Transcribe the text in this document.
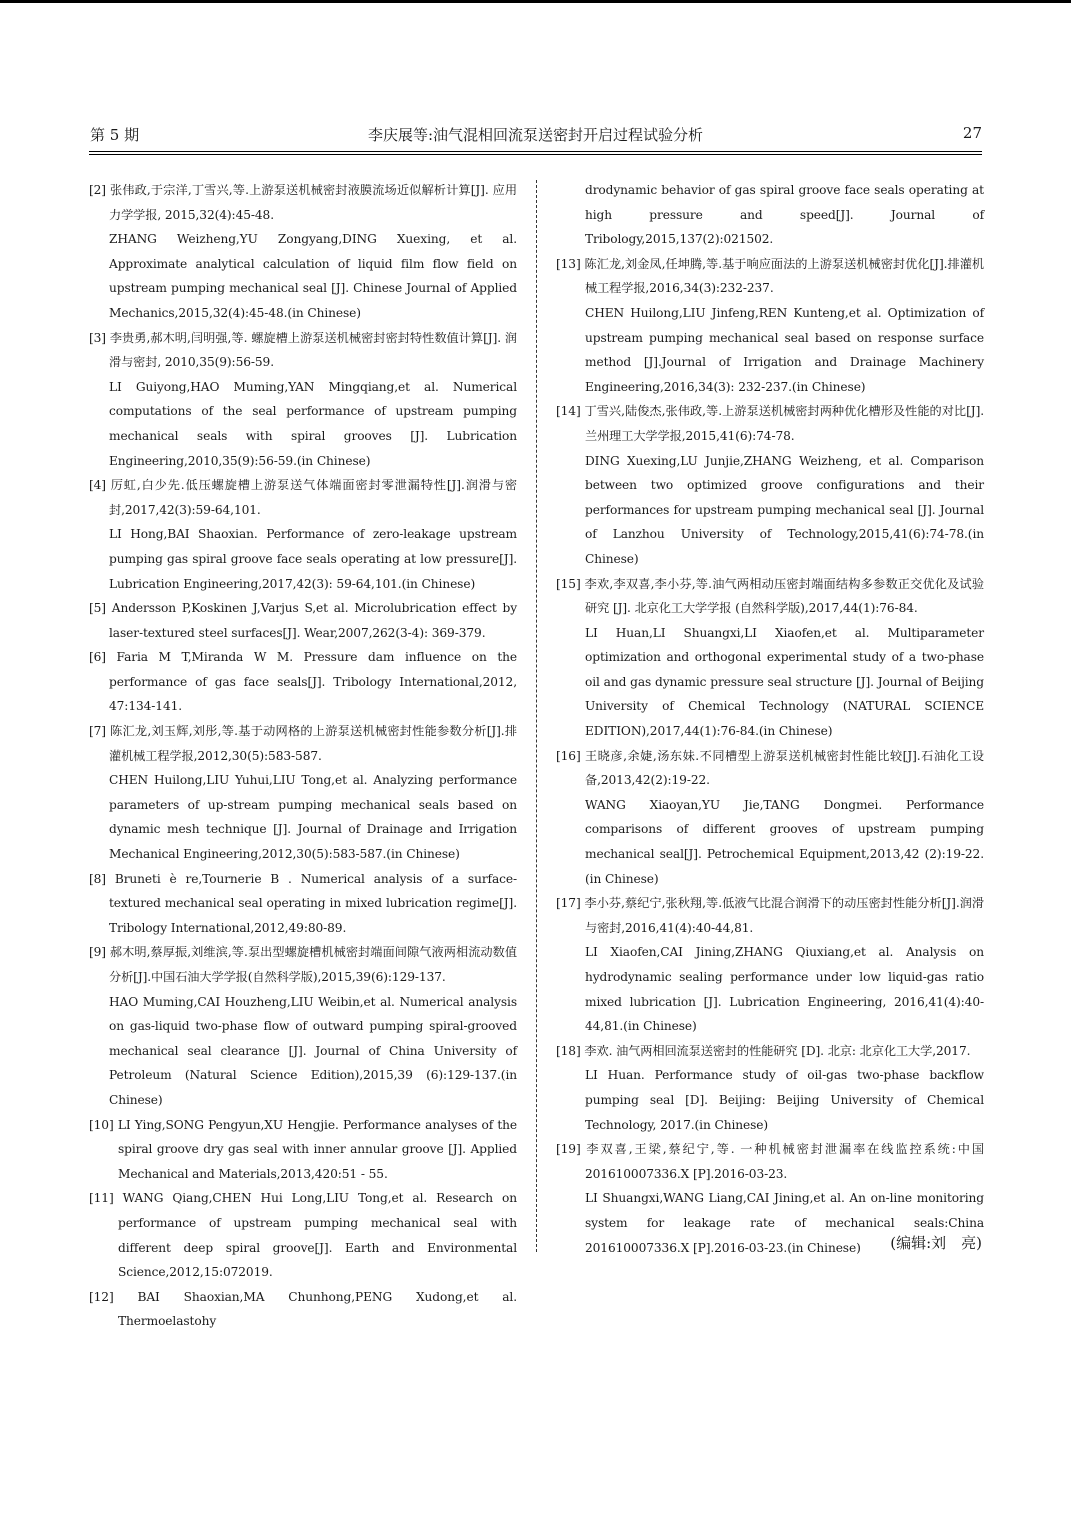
第 5 期	李庆展等:油气混相回流泵送密封开启过程试验分析	27
[2] 张伟政,于宗洋,丁雪兴,等.上游泵送机械密封液膜流场近似解析计算[J]. 应用力学学报, 2015,32(4):45-48.
ZHANG Weizheng,YU Zongyang,DING Xuexing, et al. Approximate analytical calculation of liquid film flow field on upstream pumping mechanical seal [J]. Chinese Journal of Applied Mechanics,2015,32(4):45-48.(in Chinese)
[3] 李贵勇,郝木明,闫明强,等. 螺旋槽上游泵送机械密封密封特性数值计算[J]. 润滑与密封, 2010,35(9):56-59.
LI Guiyong,HAO Muming,YAN Mingqiang,et al. Numerical computations of the seal performance of upstream pumping mechanical seals with spiral grooves [J]. Lubrication Engineering,2010,35(9):56-59.(in Chinese)
[4] 厉虹,白少先.低压螺旋槽上游泵送气体端面密封零泄漏特性[J].润滑与密封,2017,42(3):59-64,101.
LI Hong,BAI Shaoxian. Performance of zero-leakage upstream pumping gas spiral groove face seals operating at low pressure[J]. Lubrication Engineering,2017,42(3): 59-64,101.(in Chinese)
[5] Andersson P,Koskinen J,Varjus S,et al. Microlubrication effect by laser-textured steel surfaces[J]. Wear,2007,262(3-4): 369-379.
[6] Faria M T,Miranda W M. Pressure dam influence on the performance of gas face seals[J]. Tribology International,2012, 47:134-141.
[7] 陈汇龙,刘玉辉,刘彤,等.基于动网格的上游泵送机械密封性能参数分析[J].排灌机械工程学报,2012,30(5):583-587.
CHEN Huilong,LIU Yuhui,LIU Tong,et al. Analyzing performance parameters of up-stream pumping mechanical seals based on dynamic mesh technique [J]. Journal of Drainage and Irrigation Mechanical Engineering,2012,30(5):583-587.(in Chinese)
[8] Bruneti è re,Tournerie B . Numerical analysis of a surface-textured mechanical seal operating in mixed lubrication regime[J]. Tribology International,2012,49:80-89.
[9] 郝木明,蔡厚振,刘维滨,等.泵出型螺旋槽机械密封端面间隙气液两相流动数值分析[J].中国石油大学学报(自然科学版),2015,39(6):129-137.
HAO Muming,CAI Houzheng,LIU Weibin,et al. Numerical analysis on gas-liquid two-phase flow of outward pumping spiral-grooved mechanical seal clearance [J]. Journal of China University of Petroleum (Natural Science Edition),2015,39 (6):129-137.(in Chinese)
[10] LI Ying,SONG Pengyun,XU Hengjie. Performance analyses of the spiral groove dry gas seal with inner annular groove [J]. Applied Mechanical and Materials,2013,420:51 - 55.
[11] WANG Qiang,CHEN Hui Long,LIU Tong,et al. Research on performance of upstream pumping mechanical seal with different deep spiral groove[J]. Earth and Environmental Science,2012,15:072019.
[12] BAI Shaoxian,MA Chunhong,PENG Xudong,et al. Thermoelastohy
drodynamic behavior of gas spiral groove face seals operating at high pressure and speed[J]. Journal of Tribology,2015,137(2):021502.
[13] 陈汇龙,刘金凤,任坤腾,等.基于响应面法的上游泵送机械密封优化[J].排灌机械工程学报,2016,34(3):232-237.
CHEN Huilong,LIU Jinfeng,REN Kunteng,et al. Optimization of upstream pumping mechanical seal based on response surface method [J].Journal of Irrigation and Drainage Machinery Engineering,2016,34(3): 232-237.(in Chinese)
[14] 丁雪兴,陆俊杰,张伟政,等.上游泵送机械密封两种优化槽形及性能的对比[J].兰州理工大学学报,2015,41(6):74-78.
DING Xuexing,LU Junjie,ZHANG Weizheng, et al. Comparison between two optimized groove configurations and their performances for upstream pumping mechanical seal [J]. Journal of Lanzhou University of Technology,2015,41(6):74-78.(in Chinese)
[15] 李欢,李双喜,李小芬,等.油气两相动压密封端面结构多参数正交优化及试验研究 [J]. 北京化工大学学报 (自然科学版),2017,44(1):76-84.
LI Huan,LI Shuangxi,LI Xiaofen,et al. Multiparameter optimization and orthogonal experimental study of a two-phase oil and gas dynamic pressure seal structure [J]. Journal of Beijing University of Chemical Technology (NATURAL SCIENCE EDITION),2017,44(1):76-84.(in Chinese)
[16] 王晓彦,余婕,汤东妹.不同槽型上游泵送机械密封性能比较[J].石油化工设备,2013,42(2):19-22.
WANG Xiaoyan,YU Jie,TANG Dongmei. Performance comparisons of different grooves of upstream pumping mechanical seal[J]. Petrochemical Equipment,2013,42 (2):19-22.(in Chinese)
[17] 李小芬,蔡纪宁,张秋翔,等.低液气比混合润滑下的动压密封性能分析[J].润滑与密封,2016,41(4):40-44,81.
LI Xiaofen,CAI Jining,ZHANG Qiuxiang,et al. Analysis on hydrodynamic sealing performance under low liquid-gas ratio mixed lubrication [J]. Lubrication Engineering, 2016,41(4):40-44,81.(in Chinese)
[18] 李欢. 油气两相回流泵送密封的性能研究 [D]. 北京: 北京化工大学,2017.
LI Huan. Performance study of oil-gas two-phase backflow pumping seal [D]. Beijing: Beijing University of Chemical Technology, 2017.(in Chinese)
[19] 李双喜,王梁,蔡纪宁,等. 一种机械密封泄漏率在线监控系统:中国 201610007336.X [P].2016-03-23.
LI Shuangxi,WANG Liang,CAI Jining,et al. An on-line monitoring system for leakage rate of mechanical seals:China 201610007336.X [P].2016-03-23.(in Chinese)	(编辑:刘　亮)
